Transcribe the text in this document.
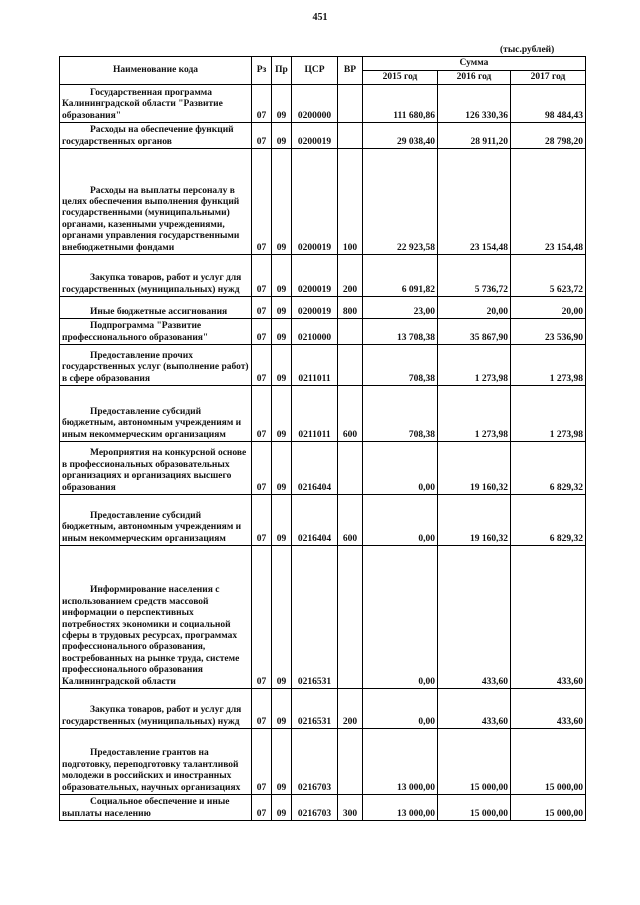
451
(тыс.рублей)
Наименование кода	Рз	Пр	ЦСР	ВР	Сумма		
					2015 год	2016 год	2017 год

Государственная программа Калининградской области "Развитие образования"	07	09	0200000		111 680,86	126 330,36	98 484,43

Расходы на обеспечение функций государственных органов	07	09	0200019		29 038,40	28 911,20	28 798,20

Расходы на выплаты персоналу в целях обеспечения выполнения функций государственными (муниципальными) органами, казенными учреждениями, органами управления государственными внебюджетными фондами	07	09	0200019	100	22 923,58	23 154,48	23 154,48

Закупка товаров, работ и услуг для государственных (муниципальных) нужд	07	09	0200019	200	6 091,82	5 736,72	5 623,72

Иные бюджетные ассигнования	07	09	0200019	800	23,00	20,00	20,00

Подпрограмма "Развитие профессионального образования"	07	09	0210000		13 708,38	35 867,90	23 536,90

Предоставление прочих государственных услуг (выполнение работ) в сфере образования	07	09	0211011		708,38	1 273,98	1 273,98

Предоставление субсидий бюджетным, автономным учреждениям и иным некоммерческим организациям	07	09	0211011	600	708,38	1 273,98	1 273,98

Мероприятия на конкурсной основе в профессиональных образовательных организациях и организациях высшего образования	07	09	0216404		0,00	19 160,32	6 829,32

Предоставление субсидий бюджетным, автономным учреждениям и иным некоммерческим организациям	07	09	0216404	600	0,00	19 160,32	6 829,32

Информирование населения с использованием средств массовой информации о перспективных потребностях экономики и социальной сферы в трудовых ресурсах, программах профессионального образования, востребованных на рынке труда, системе профессионального образования Калининградской области	07	09	0216531		0,00	433,60	433,60

Закупка товаров, работ и услуг для государственных (муниципальных) нужд	07	09	0216531	200	0,00	433,60	433,60

Предоставление грантов на подготовку, переподготовку талантливой молодежи в российских и иностранных образовательных, научных организациях	07	09	0216703		13 000,00	15 000,00	15 000,00

Социальное обеспечение и иные выплаты населению	07	09	0216703	300	13 000,00	15 000,00	15 000,00
